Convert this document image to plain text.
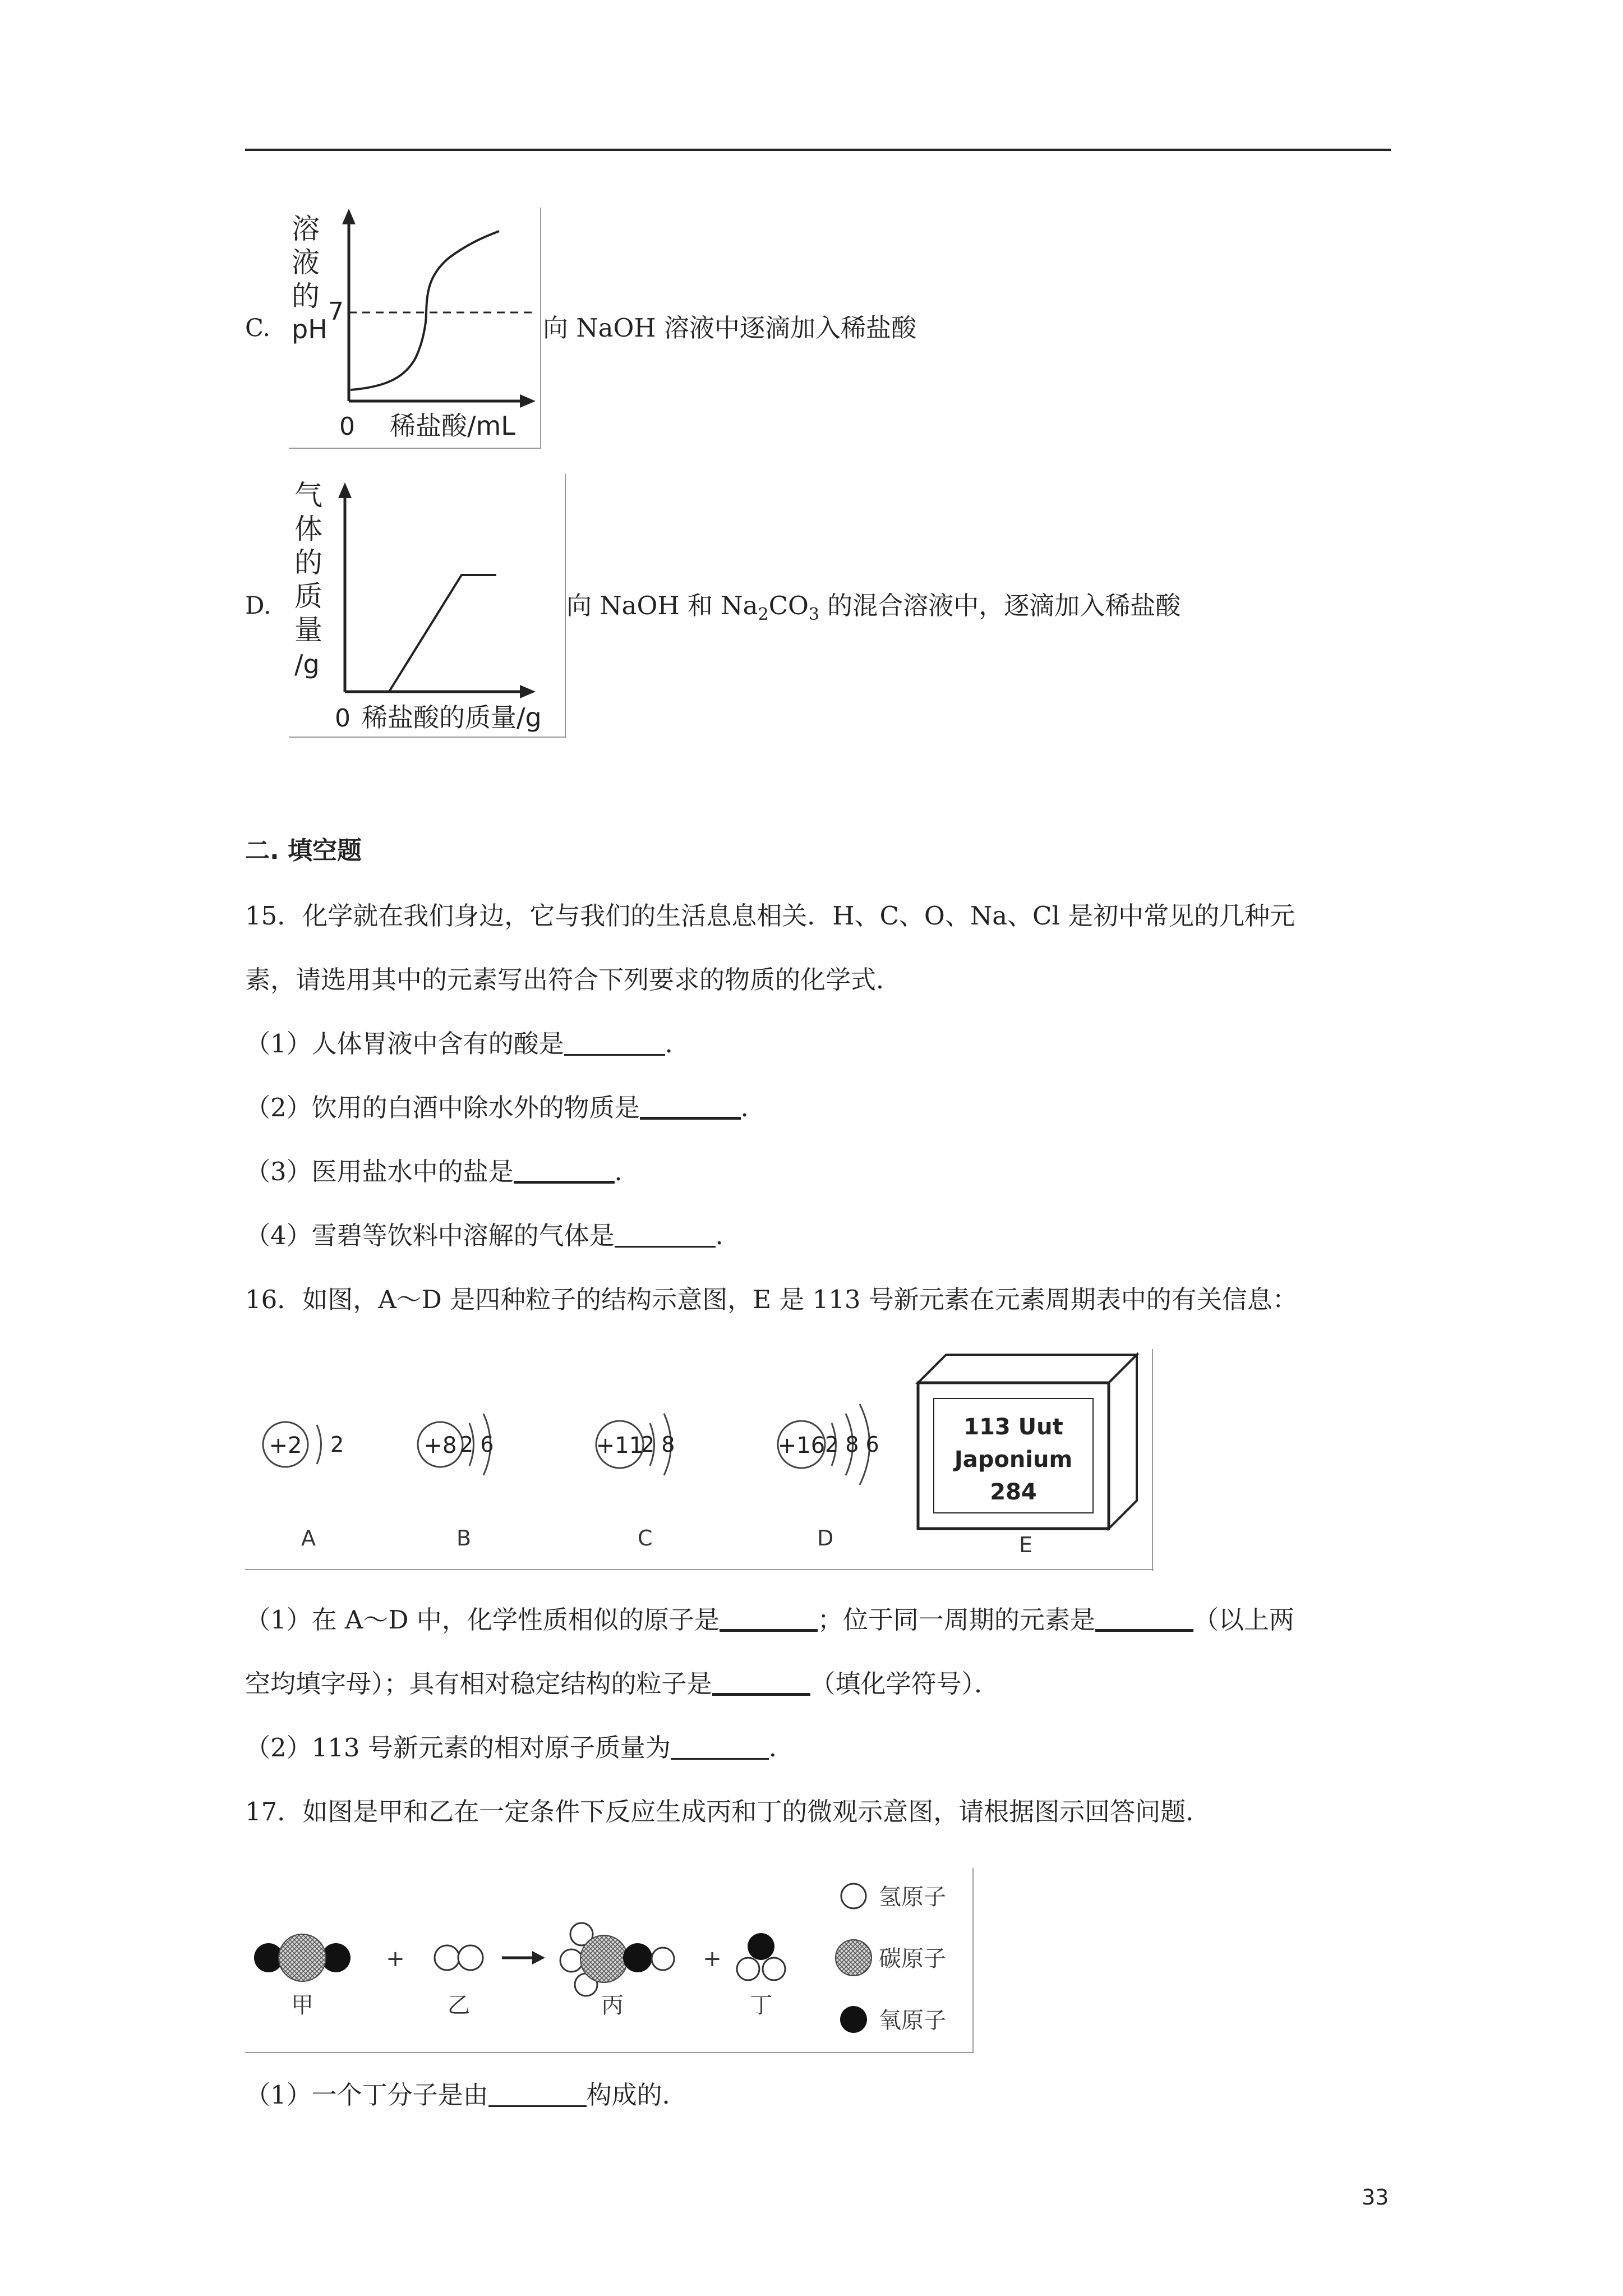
C.
溶
液
的
pH
7
0 稀盐酸/mL
向 NaOH 溶液中逐滴加入稀盐酸
D.
气
体
的
质
量
/g
0 稀盐酸的质量/g
向 NaOH 和 $Na_2CO_3$ 的混合溶液中，逐滴加入稀盐酸
二. 填空题
15．化学就在我们身边，它与我们的生活息息相关．H、C、O、Na、Cl 是初中常见的几种元
素，请选用其中的元素写出符合下列要求的物质的化学式．
（1）人体胃液中含有的酸是	．
（2）饮用的白酒中除水外的物质是	．
（3）医用盐水中的盐是	．
（4）雪碧等饮料中溶解的气体是	．
16．如图，A～D 是四种粒子的结构示意图，E 是 113 号新元素在元素周期表中的有关信息：
+2 2
A
+8 2 6
B
+11
2 8
C
+16 2 8 6
D
113 Uut
Japonium
284
E
（1）在 A～D 中，化学性质相似的原子是	；位于同一周期的元素是	（以上两
空均填字母）；具有相对稳定结构的粒子是	（填化学符号）．
（2）113 号新元素的相对原子质量为	．
17．如图是甲和乙在一定条件下反应生成丙和丁的微观示意图，请根据图示回答问题．
甲
+
乙	丙
+
丁
氢原子
碳原子
氧原子
（1）一个丁分子是由	构成的．
33
